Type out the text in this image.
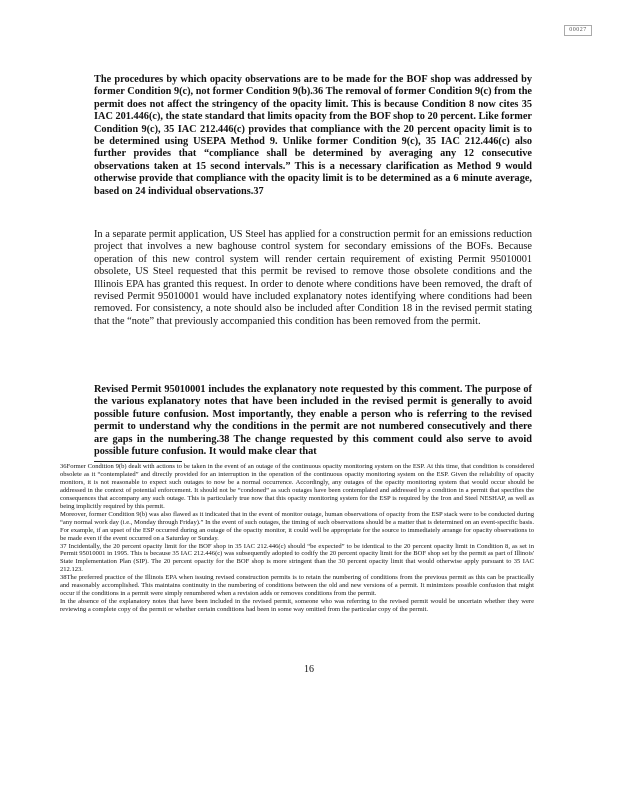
00027

The procedures by which opacity observations are to be made for the BOF shop was addressed by former Condition 9(c), not former Condition 9(b).36 The removal of former Condition 9(c) from the permit does not affect the stringency of the opacity limit. This is because Condition 8 now cites 35 IAC 201.446(c), the state standard that limits opacity from the BOF shop to 20 percent. Like former Condition 9(c), 35 IAC 212.446(c) provides that compliance with the 20 percent opacity limit is to be determined using USEPA Method 9. Unlike former Condition 9(c), 35 IAC 212.446(c) also further provides that “compliance shall be determined by averaging any 12 consecutive observations taken at 15 second intervals.” This is a necessary clarification as Method 9 would otherwise provide that compliance with the opacity limit is to be determined as a 6 minute average, based on 24 individual observations.37

In a separate permit application, US Steel has applied for a construction permit for an emissions reduction project that involves a new baghouse control system for secondary emissions of the BOFs. Because operation of this new control system will render certain requirement of existing Permit 95010001 obsolete, US Steel requested that this permit be revised to remove those obsolete conditions and the Illinois EPA has granted this request. In order to denote where conditions have been removed, the draft of revised Permit 95010001 would have included explanatory notes identifying where conditions had been removed. For consistency, a note should also be included after Condition 18 in the revised permit stating that the “note” that previously accompanied this condition has been removed from the permit.

Revised Permit 95010001 includes the explanatory note requested by this comment. The purpose of the various explanatory notes that have been included in the revised permit is generally to avoid possible future confusion. Most importantly, they enable a person who is referring to the revised permit to understand why the conditions in the permit are not numbered consecutively and there are gaps in the numbering.38 The change requested by this comment could also serve to avoid possible future confusion. It would make clear that

36Former Condition 9(b) dealt with actions to be taken in the event of an outage of the continuous opacity monitoring system on the ESP. At this time, that condition is considered obsolete as it “contemplated” and directly provided for an interruption in the operation of the continuous opacity monitoring system on the ESP. Given the reliability of opacity monitors, it is not reasonable to expect such outages to now be a normal occurrence. Accordingly, any outages of the opacity monitoring system that would occur should be addressed in the context of potential enforcement. It should not be “condoned” as such outages have been contemplated and addressed by a condition in a permit that specifies the consequences that accompany any such outage. This is particularly true now that this opacity monitoring system for the ESP is required by the Iron and Steel NESHAP, as well as being implicitly required by this permit.

Moreover, former Condition 9(b) was also flawed as it indicated that in the event of monitor outage, human observations of opacity from the ESP stack were to be conducted during “any normal work day (i.e., Monday through Friday).” In the event of such outages, the timing of such observations should be a matter that is determined on an event-specific basis. For example, if an upset of the ESP occurred during an outage of the opacity monitor, it could well be appropriate for the source to immediately arrange for opacity observations to be made even if the event occurred on a Saturday or Sunday.

37 Incidentally, the 20 percent opacity limit for the BOF shop in 35 IAC 212.446(c) should “be expected” to be identical to the 20 percent opacity limit in Condition 8, as set in Permit 95010001 in 1995. This is because 35 IAC 212.446(c) was subsequently adopted to codify the 20 percent opacity limit for the BOF shop set by the permit as part of Illinois' State Implementation Plan (SIP). The 20 percent opacity for the BOF shop is more stringent than the 30 percent opacity limit that would otherwise apply pursuant to 35 IAC 212.123.

38The preferred practice of the Illinois EPA when issuing revised construction permits is to retain the numbering of conditions from the previous permit as this can be practically and reasonably accomplished. This maintains continuity in the numbering of conditions between the old and new versions of a permit. It minimizes possible confusion that might occur if the conditions in a permit were simply renumbered when a revision adds or removes conditions from the permit.

In the absence of the explanatory notes that have been included in the revised permit, someone who was referring to the revised permit would be uncertain whether they were reviewing a complete copy of the permit or whether certain conditions had been in some way omitted from the particular copy of the permit.

16
